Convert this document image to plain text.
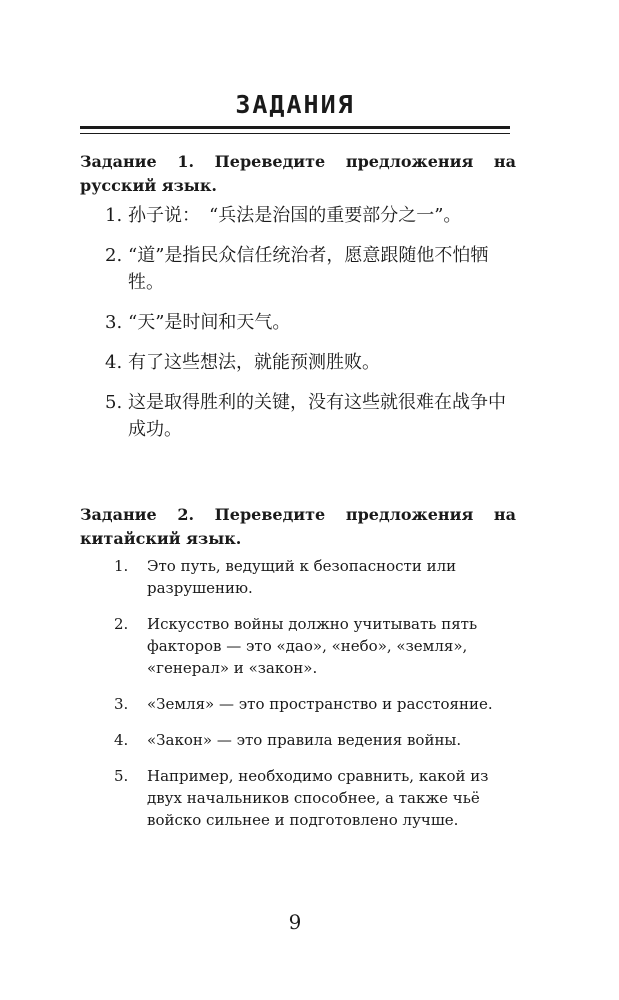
ЗАДАНИЯ
Задание 1. Переведите предложения на русский язык.
1. 孙子说：　“兵法是治国的重要部分之一”。
2. “道”是指民众信任统治者，愿意跟随他不怕牺牲。
3. “天”是时间和天气。
4. 有了这些想法，就能预测胜败。
5. 这是取得胜利的关键，没有这些就很难在战争中成功。
Задание 2. Переведите предложения на китайский язык.
1.	Это путь, ведущий к безопасности или разрушению.
2.	Искусство войны должно учитывать пять факторов — это «дао», «небо», «земля», «генерал» и «закон».
3.	«Земля» — это пространство и расстояние.
4.	«Закон» — это правила ведения войны.
5.	Например, необходимо сравнить, какой из двух начальников способнее, а также чьё войско сильнее и подготовлено лучше.
9
